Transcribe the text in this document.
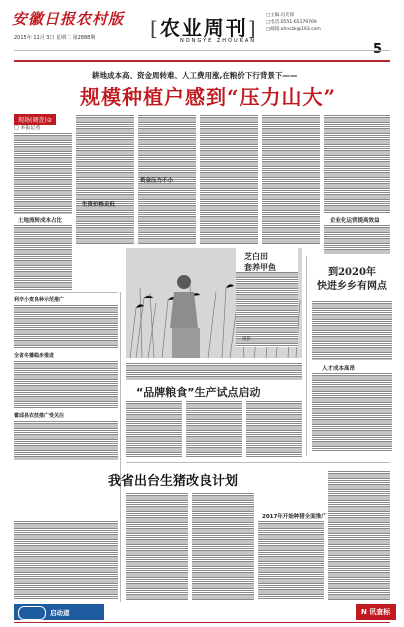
安徽日报农村版
2015年 11月 3日 星期二 第2888期	[农业周刊]
NONGYE ZHOUKAN
□主编:冯光锋
□电话:0551-65179769
□邮箱:ahnczk@163.com
耕地成本高、资金周转难、人工费用涨,在粮价下行背景下——
规模种植户感到“压力山大”
现场(调查)②
□ 本报记者
土地流转成本占比
生资价格走低
资金压力不小
企业化运营提高效益
利辛小麦良种示范推广
全省冬播稳步推进
霍邱县农技推广受关注
芝白田
套养甲鱼
摄影
到2020年
快进乡乡有网点
人才成本高昂
“品牌粮食”生产试点启动
我省出台生猪改良计划
2017年开始种猪全面推广
启动道	N 讯查标
